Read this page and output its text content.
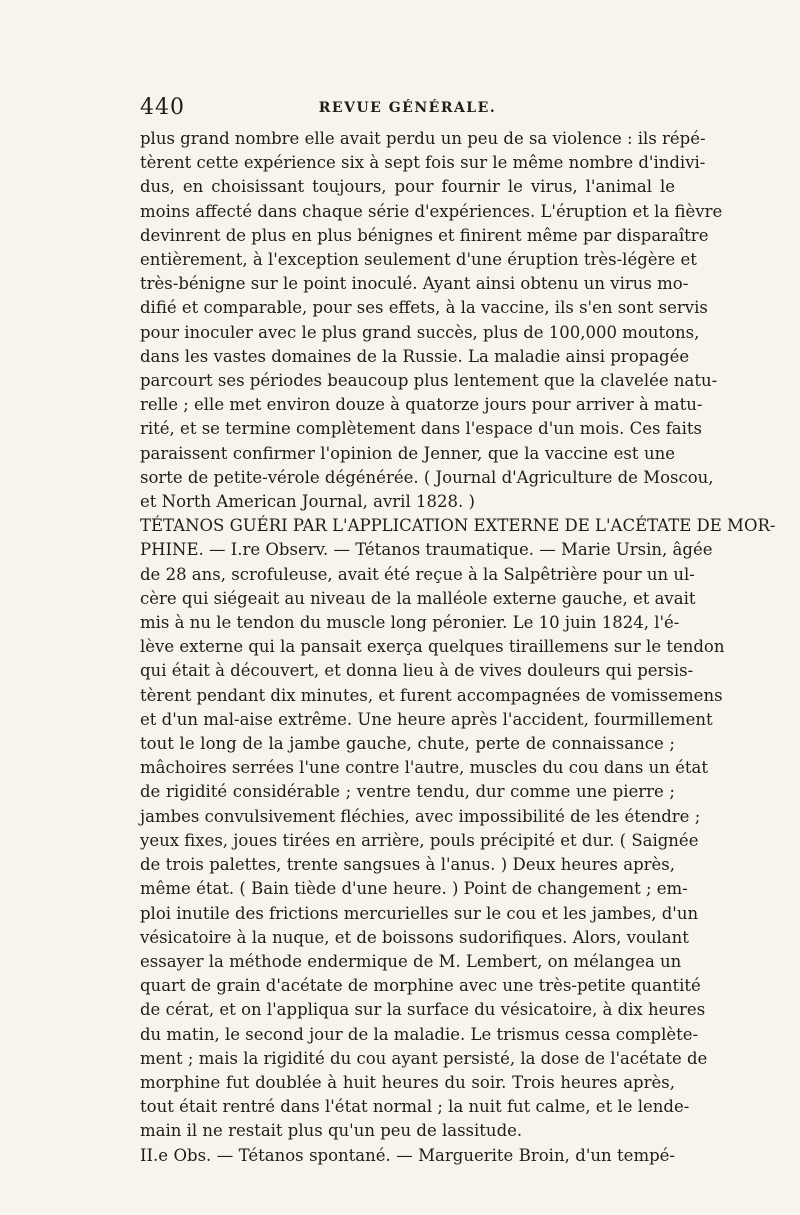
440	REVUE GÉNÉRALE.
plus grand nombre elle avait perdu un peu de sa violence : ils répé-
tèrent cette expérience six à sept fois sur le même nombre d'indivi-
dus, en choisissant toujours, pour fournir le virus, l'animal le
moins affecté dans chaque série d'expériences. L'éruption et la fièvre
devinrent de plus en plus bénignes et finirent même par disparaître
entièrement, à l'exception seulement d'une éruption très-légère et
très-bénigne sur le point inoculé. Ayant ainsi obtenu un virus mo-
difié et comparable, pour ses effets, à la vaccine, ils s'en sont servis
pour inoculer avec le plus grand succès, plus de 100,000 moutons,
dans les vastes domaines de la Russie. La maladie ainsi propagée
parcourt ses périodes beaucoup plus lentement que la clavelée natu-
relle ; elle met environ douze à quatorze jours pour arriver à matu-
rité, et se termine complètement dans l'espace d'un mois. Ces faits
paraissent confirmer l'opinion de Jenner, que la vaccine est une
sorte de petite-vérole dégénérée. ( Journal d'Agriculture de Moscou,
et North American Journal, avril 1828. )
TÉTANOS GUÉRI PAR L'APPLICATION EXTERNE DE L'ACÉTATE DE MOR-
PHINE. — I.re Observ. — Tétanos traumatique. — Marie Ursin, âgée
de 28 ans, scrofuleuse, avait été reçue à la Salpêtrière pour un ul-
cère qui siégeait au niveau de la malléole externe gauche, et avait
mis à nu le tendon du muscle long péronier. Le 10 juin 1824, l'é-
lève externe qui la pansait exerça quelques tiraillemens sur le tendon
qui était à découvert, et donna lieu à de vives douleurs qui persis-
tèrent pendant dix minutes, et furent accompagnées de vomissemens
et d'un mal-aise extrême. Une heure après l'accident, fourmillement
tout le long de la jambe gauche, chute, perte de connaissance ;
mâchoires serrées l'une contre l'autre, muscles du cou dans un état
de rigidité considérable ; ventre tendu, dur comme une pierre ;
jambes convulsivement fléchies, avec impossibilité de les étendre ;
yeux fixes, joues tirées en arrière, pouls précipité et dur. ( Saignée
de trois palettes, trente sangsues à l'anus. ) Deux heures après,
même état. ( Bain tiède d'une heure. ) Point de changement ; em-
ploi inutile des frictions mercurielles sur le cou et les jambes, d'un
vésicatoire à la nuque, et de boissons sudorifiques. Alors, voulant
essayer la méthode endermique de M. Lembert, on mélangea un
quart de grain d'acétate de morphine avec une très-petite quantité
de cérat, et on l'appliqua sur la surface du vésicatoire, à dix heures
du matin, le second jour de la maladie. Le trismus cessa complète-
ment ; mais la rigidité du cou ayant persisté, la dose de l'acétate de
morphine fut doublée à huit heures du soir. Trois heures après,
tout était rentré dans l'état normal ; la nuit fut calme, et le lende-
main il ne restait plus qu'un peu de lassitude.
II.e Obs. — Tétanos spontané. — Marguerite Broin, d'un tempé-
